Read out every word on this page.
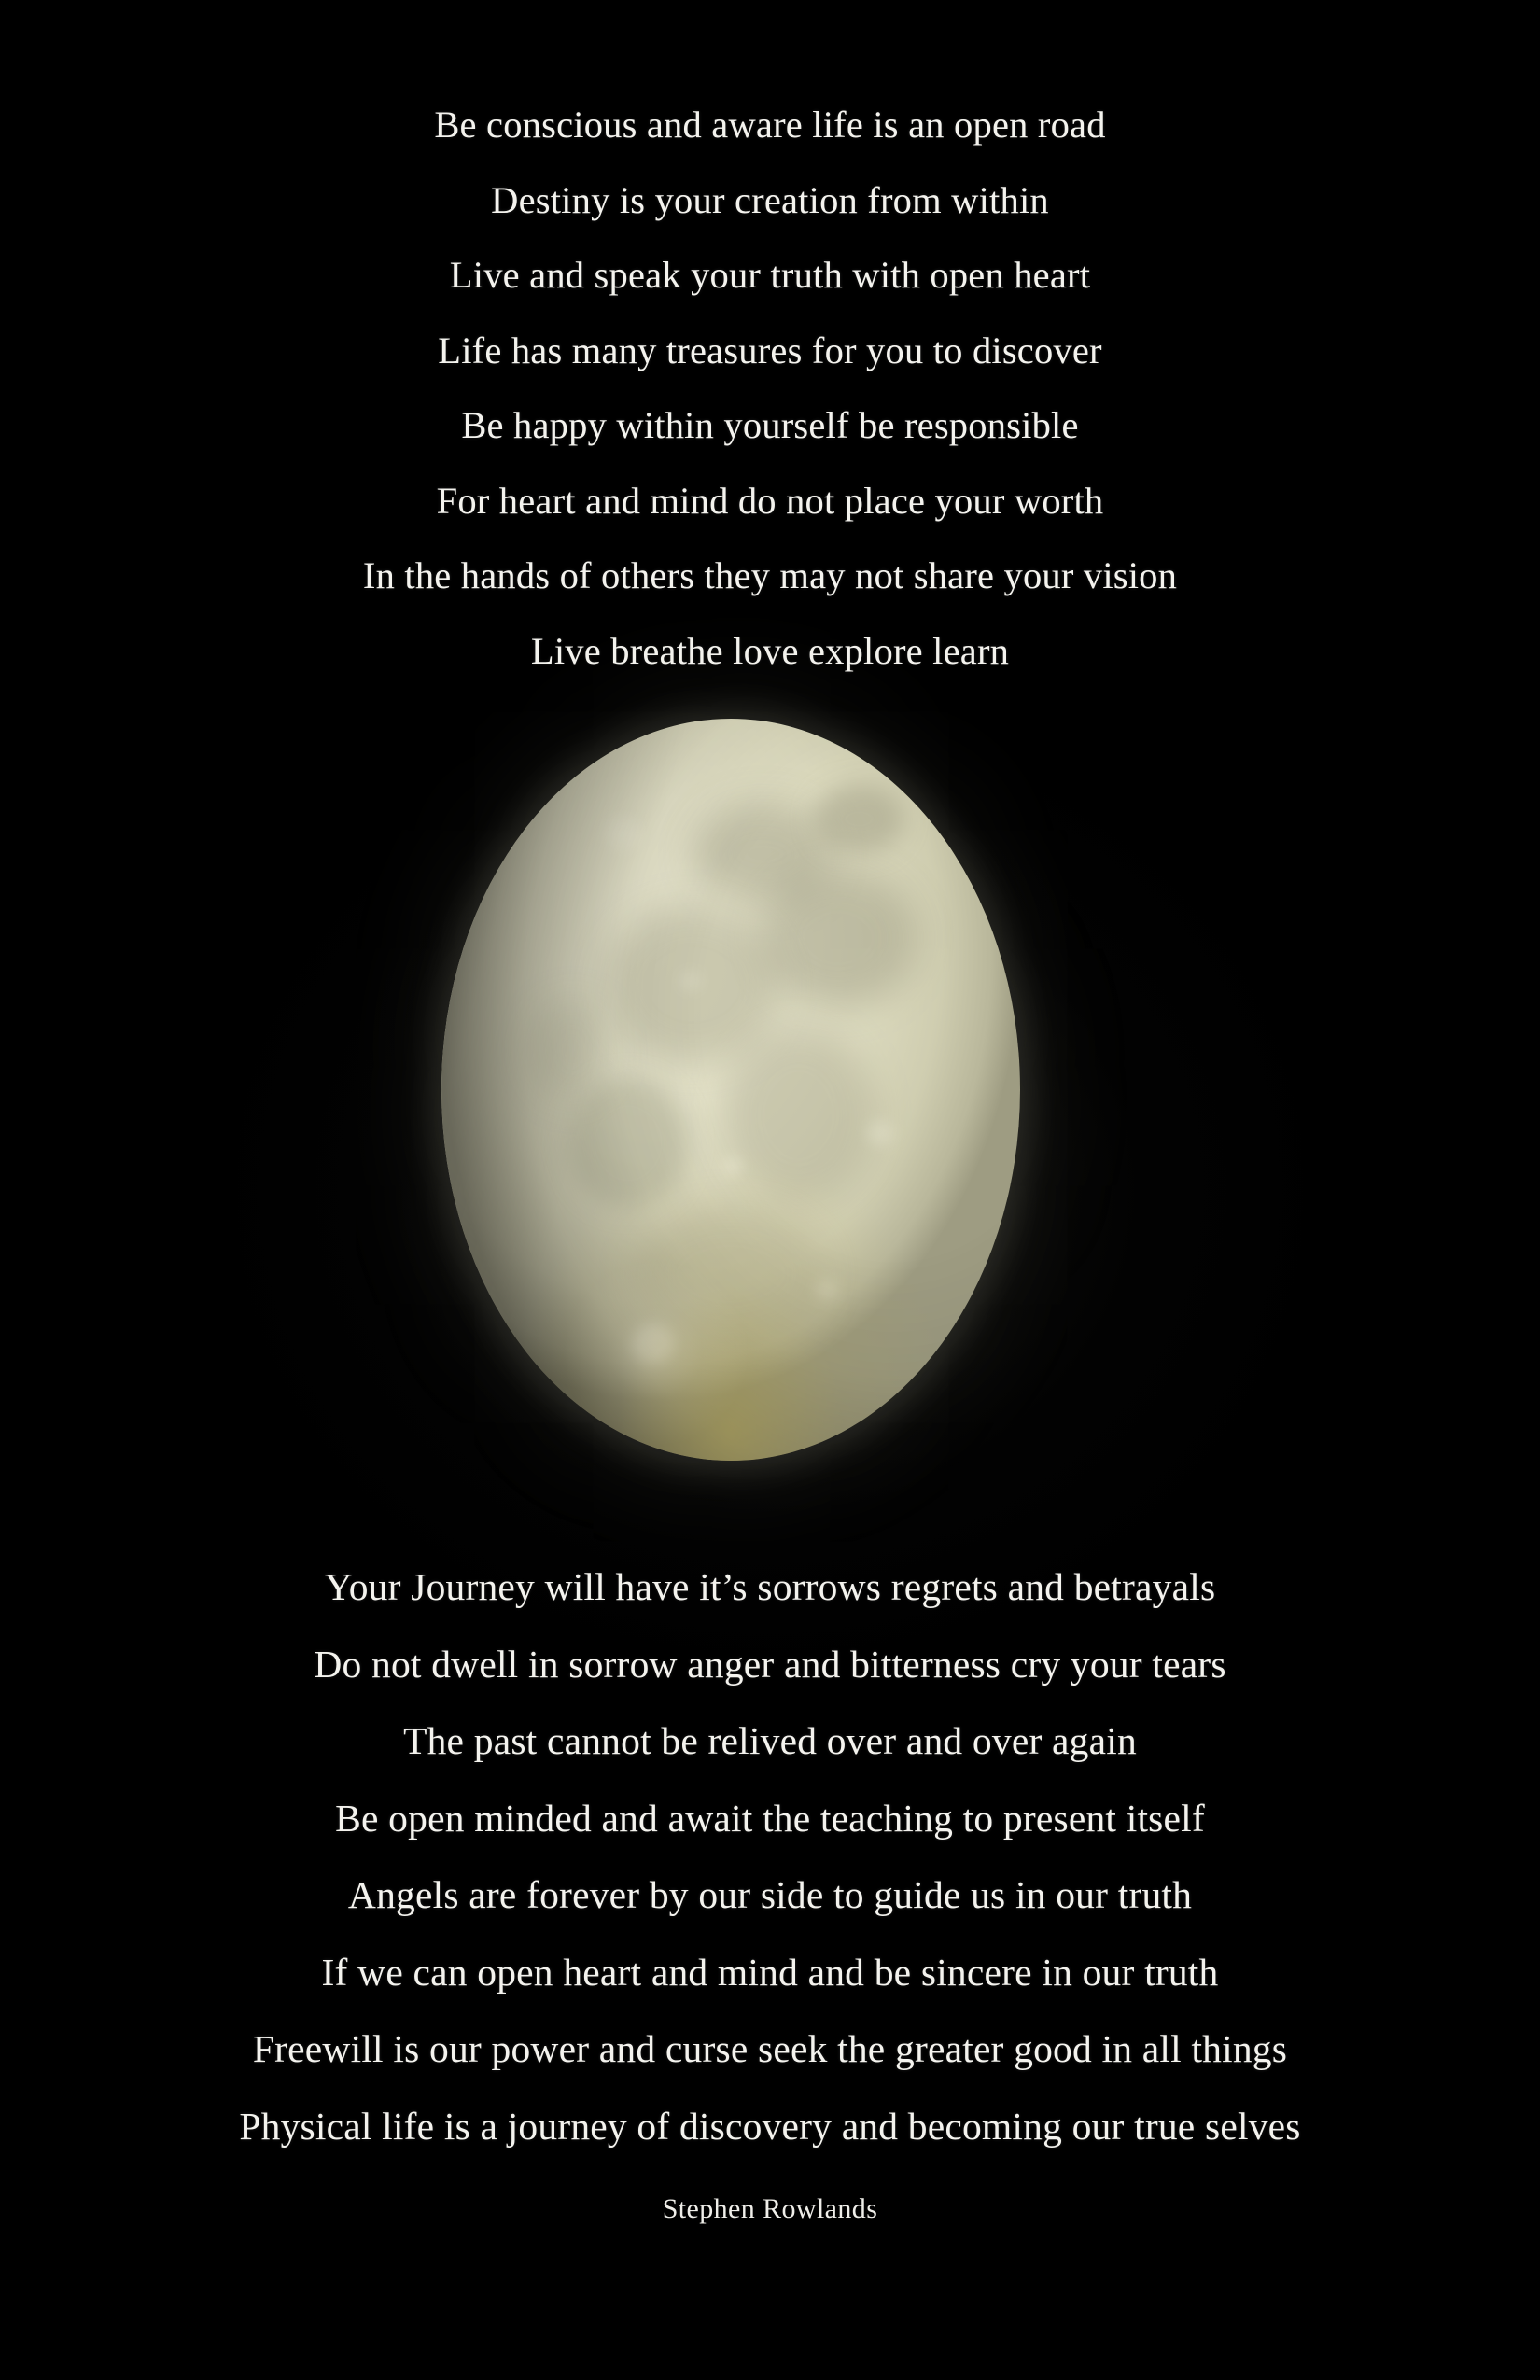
Be conscious and aware life is an open road
Destiny is your creation from within
Live and speak your truth with open heart
Life has many treasures for you to discover
Be happy within yourself be responsible
For heart and mind do not place your worth
In the hands of others they may not share your vision
Live breathe love explore learn
Your Journey will have it’s sorrows regrets and betrayals
Do not dwell in sorrow anger and bitterness cry your tears
The past cannot be relived over and over again
Be open minded and await the teaching to present itself
Angels are forever by our side to guide us in our truth
If we can open heart and mind and be sincere in our truth
Freewill is our power and curse seek the greater good in all things
Physical life is a journey of discovery and becoming our true selves
Stephen Rowlands
